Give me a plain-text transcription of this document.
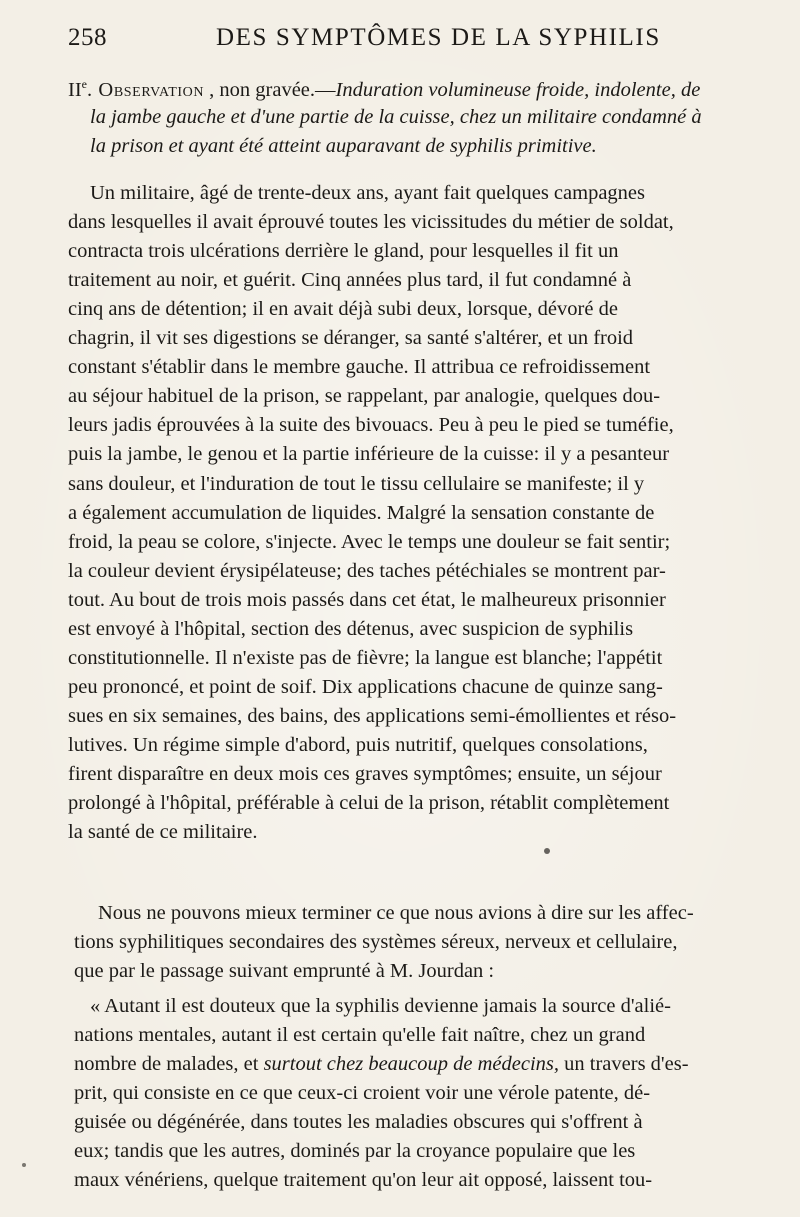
258	DES SYMPTÔMES DE LA SYPHILIS
IIe. Observation , non gravée.—Induration volumineuse froide, indolente, de
la jambe gauche et d'une partie de la cuisse, chez un militaire condamné à
la prison et ayant été atteint auparavant de syphilis primitive.
Un militaire, âgé de trente-deux ans, ayant fait quelques campagnes
dans lesquelles il avait éprouvé toutes les vicissitudes du métier de soldat,
contracta trois ulcérations derrière le gland, pour lesquelles il fit un
traitement au noir, et guérit. Cinq années plus tard, il fut condamné à
cinq ans de détention; il en avait déjà subi deux, lorsque, dévoré de
chagrin, il vit ses digestions se déranger, sa santé s'altérer, et un froid
constant s'établir dans le membre gauche. Il attribua ce refroidissement
au séjour habituel de la prison, se rappelant, par analogie, quelques dou-
leurs jadis éprouvées à la suite des bivouacs. Peu à peu le pied se tuméfie,
puis la jambe, le genou et la partie inférieure de la cuisse: il y a pesanteur
sans douleur, et l'induration de tout le tissu cellulaire se manifeste; il y
a également accumulation de liquides. Malgré la sensation constante de
froid, la peau se colore, s'injecte. Avec le temps une douleur se fait sentir;
la couleur devient érysipélateuse; des taches pétéchiales se montrent par-
tout. Au bout de trois mois passés dans cet état, le malheureux prisonnier
est envoyé à l'hôpital, section des détenus, avec suspicion de syphilis
constitutionnelle. Il n'existe pas de fièvre; la langue est blanche; l'appétit
peu prononcé, et point de soif. Dix applications chacune de quinze sang-
sues en six semaines, des bains, des applications semi-émollientes et réso-
lutives. Un régime simple d'abord, puis nutritif, quelques consolations,
firent disparaître en deux mois ces graves symptômes; ensuite, un séjour
prolongé à l'hôpital, préférable à celui de la prison, rétablit complètement
la santé de ce militaire.
Nous ne pouvons mieux terminer ce que nous avions à dire sur les affec-
tions syphilitiques secondaires des systèmes séreux, nerveux et cellulaire,
que par le passage suivant emprunté à M. Jourdan :
« Autant il est douteux que la syphilis devienne jamais la source d'alié-
nations mentales, autant il est certain qu'elle fait naître, chez un grand
nombre de malades, et surtout chez beaucoup de médecins, un travers d'es-
prit, qui consiste en ce que ceux-ci croient voir une vérole patente, dé-
guisée ou dégénérée, dans toutes les maladies obscures qui s'offrent à
eux; tandis que les autres, dominés par la croyance populaire que les
maux vénériens, quelque traitement qu'on leur ait opposé, laissent tou-
